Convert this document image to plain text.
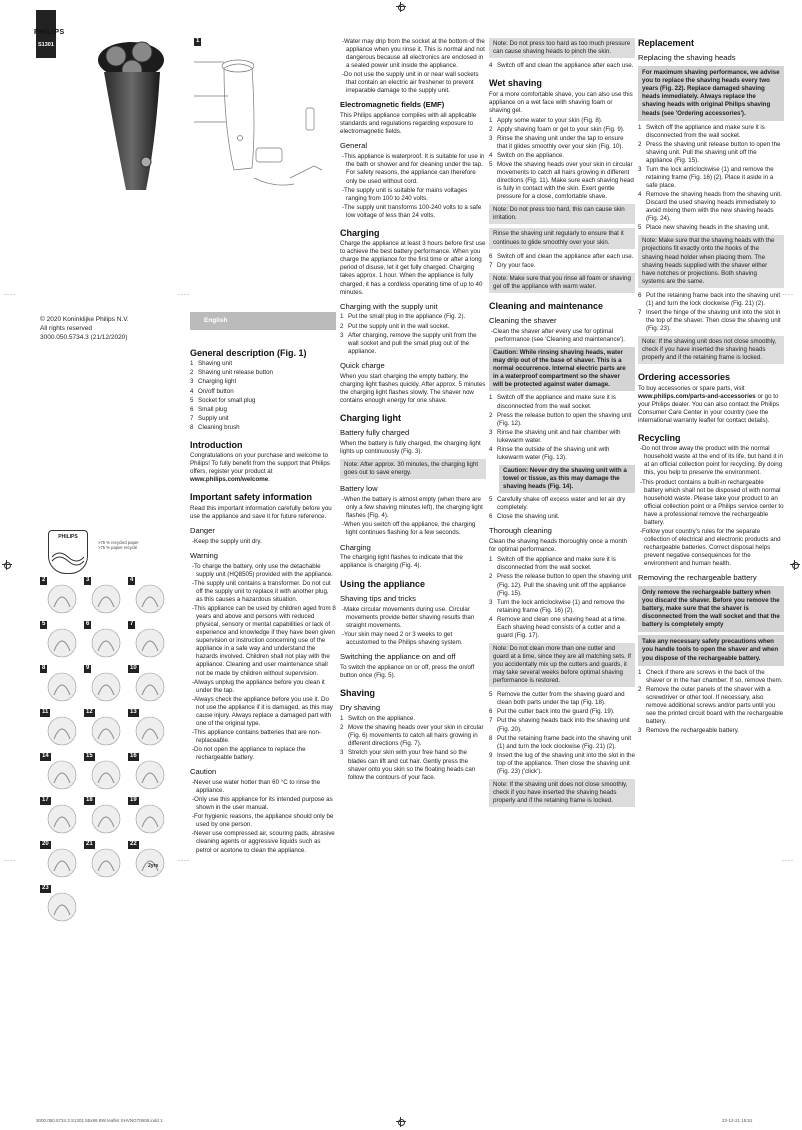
----	----
----	----
----
----
PHILIPS
S1301
1
© 2020 Koninklijke Philips N.V.
All rights reserved
3000.050.5734.3 (21/12/2020)
English
PHILIPS
>75 % recycled paper
>75 % papier recyclé
2	3	4
5	6	7
8	9	10
11	12	13
14	15	16
17	18	19
20	21	22
2yrs
23
General description (Fig. 1)
1 Shaving unit
2 Shaving unit release button
3 Charging light
4 On/off button
5 Socket for small plug
6 Small plug
7 Supply unit
8 Cleaning brush
Introduction

Congratulations on your purchase and welcome to Philips! To fully benefit from the support that Philips offers, register your product at www.philips.com/welcome.

Important safety information

Read this important information carefully before you use the appliance and save it for future reference.

Danger
-Keep the supply unit dry.
Warning
-To charge the battery, only use the detachable supply unit (HQ8505) provided with the appliance.
-The supply unit contains a transformer. Do not cut off the supply unit to replace it with another plug, as this causes a hazardous situation.
-This appliance can be used by children aged from 8 years and above and persons with reduced physical, sensory or mental capabilities or lack of experience and knowledge if they have been given supervision or instruction concerning use of the appliance in a safe way and understand the hazards involved. Children shall not play with the appliance. Cleaning and user maintenance shall not be made by children without supervision.
-Always unplug the appliance before you clean it under the tap.
-Always check the appliance before you use it. Do not use the appliance if it is damaged, as this may cause injury. Always replace a damaged part with one of the original type.
-This appliance contains batteries that are non-replaceable.
-Do not open the appliance to replace the rechargeable battery.
Caution
-Never use water hotter than 60 °C to rinse the appliance.
-Only use this appliance for its intended purpose as shown in the user manual.
-For hygienic reasons, the appliance should only be used by one person.
-Never use compressed air, scouring pads, abrasive cleaning agents or aggressive liquids such as petrol or acetone to clean the appliance.
-Water may drip from the socket at the bottom of the appliance when you rinse it. This is normal and not dangerous because all electronics are enclosed in a sealed power unit inside the appliance.
-Do not use the supply unit in or near wall sockets that contain an electric air freshener to prevent irreparable damage to the supply unit.
Electromagnetic fields (EMF)

This Philips appliance complies with all applicable standards and regulations regarding exposure to electromagnetic fields.

General
-This appliance is waterproof. It is suitable for use in the bath or shower and for cleaning under the tap. For safety reasons, the appliance can therefore only be used without cord.
-The supply unit is suitable for mains voltages ranging from 100 to 240 volts.
-The supply unit transforms 100-240 volts to a safe low voltage of less than 24 volts.
Charging

Charge the appliance at least 3 hours before first use to achieve the best battery performance. When you charge the appliance for the first time or after a long period of disuse, let it get fully charged. Charging takes approx. 1 hour. When the appliance is fully charged, it has a cordless operating time of up to 40 minutes.

Charging with the supply unit
1 Put the small plug in the appliance (Fig. 2).
2 Put the supply unit in the wall socket.
3 After charging, remove the supply unit from the wall socket and pull the small plug out of the appliance.
Quick charge

When you start charging the empty battery, the charging light flashes quickly. After approx. 5 minutes the charging light flashes slowly. The shaver now contains enough energy for one shave.

Charging light
Battery fully charged

When the battery is fully charged, the charging light lights up continuously (Fig. 3).

Note: After approx. 30 minutes, the charging light goes out to save energy.
Battery low
-When the battery is almost empty (when there are only a few shaving minutes left), the charging light flashes (Fig. 4).
-When you switch off the appliance, the charging light continues flashing for a few seconds.
Charging

The charging light flashes to indicate that the appliance is charging (Fig. 4).

Using the appliance
Shaving tips and tricks
-Make circular movements during use. Circular movements provide better shaving results than straight movements.
-Your skin may need 2 or 3 weeks to get accustomed to the Philips shaving system.
Switching the appliance on and off

To switch the appliance on or off, press the on/off button once (Fig. 5).

Shaving
Dry shaving
1 Switch on the appliance.
2 Move the shaving heads over your skin in circular (Fig. 6) movements to catch all hairs growing in different directions (Fig. 7).
3 Stretch your skin with your free hand so the blades can lift and cut hair. Gently press the shaver onto you skin so the floating heads can follow the contours of your face.
Note: Do not press too hard as too much pressure can cause shaving heads to pinch the skin.
4 Switch off and clean the appliance after each use.
Wet shaving

For a more comfortable shave, you can also use this appliance on a wet face with shaving foam or shaving gel.

1 Apply some water to your skin (Fig. 8).
2 Apply shaving foam or gel to your skin (Fig. 9).
3 Rinse the shaving unit under the tap to ensure that it glides smoothly over your skin (Fig. 10).
4 Switch on the appliance.
5 Move the shaving heads over your skin in circular movements to catch all hairs growing in different directions (Fig. 11). Make sure each shaving head is fully in contact with the skin. Exert gentle pressure for a close, comfortable shave.
Note: Do not press too hard, this can cause skin irritation.
Rinse the shaving unit regularly to ensure that it continues to glide smoothly over your skin.
6 Switch off and clean the appliance after each use.
7 Dry your face.
Note: Make sure that you rinse all foam or shaving gel off the appliance with warm water.
Cleaning and maintenance
Cleaning the shaver
-Clean the shaver after every use for optimal performance (see 'Cleaning and maintenance').
Caution: While rinsing shaving heads, water may drip out of the base of shaver. This is a normal occurrence. Internal electric parts are in a waterproof compartment so the shaver will be protected against water damage.
1 Switch off the appliance and make sure it is disconnected from the wall socket.
2 Press the release button to open the shaving unit (Fig. 12).
3 Rinse the shaving unit and hair chamber with lukewarm water.
4 Rinse the outside of the shaving unit with lukewarm water (Fig. 13).
Caution: Never dry the shaving unit with a towel or tissue, as this may damage the shaving heads (Fig. 14).
5 Carefully shake off excess water and let air dry completely.
6 Close the shaving unit.
Thorough cleaning

Clean the shaving heads thoroughly once a month for optimal performance.

1 Switch off the appliance and make sure it is disconnected from the wall socket.
2 Press the release button to open the shaving unit (Fig. 12). Pull the shaving unit off the appliance (Fig. 15).
3 Turn the lock anticlockwise (1) and remove the retaining frame (Fig. 16) (2).
4 Remove and clean one shaving head at a time. Each shaving head consists of a cutter and a guard (Fig. 17).
Note: Do not clean more than one cutter and guard at a time, since they are all matching sets. If you accidentally mix up the cutters and guards, it may take several weeks before optimal shaving performance is restored.
5 Remove the cutter from the shaving guard and clean both parts under the tap (Fig. 18).
6 Put the cutter back into the guard (Fig. 19).
7 Put the shaving heads back into the shaving unit (Fig. 20).
8 Put the retaining frame back into the shaving unit (1) and turn the lock clockwise (Fig. 21) (2).
9 Insert the lug of the shaving unit into the slot in the top of the appliance. Then close the shaving unit (Fig. 23) ('click').
Note: If the shaving unit does not close smoothly, check if you have inserted the shaving heads properly and if the retaining frame is locked.
Replacement
Replacing the shaving heads
For maximum shaving performance, we advise you to replace the shaving heads every two years (Fig. 22). Replace damaged shaving heads immediately. Always replace the shaving heads with original Philips shaving heads (see 'Ordering accessories').
1 Switch off the appliance and make sure it is disconnected from the wall socket.
2 Press the shaving unit release button to open the shaving unit. Pull the shaving unit off the appliance (Fig. 15).
3 Turn the lock anticlockwise (1) and remove the retaining frame (Fig. 16) (2). Place it aside in a safe place.
4 Remove the shaving heads from the shaving unit. Discard the used shaving heads immediately to avoid mixing them with the new shaving heads (Fig. 24).
5 Place new shaving heads in the shaving unit.
Note: Make sure that the shaving heads with the projections fit exactly onto the hooks of the shaving head holder when placing them. The shaving heads supplied with the shaver either have notches or projections. Both shaving systems are the same.
6 Put the retaining frame back into the shaving unit (1) and turn the lock clockwise (Fig. 21) (2).
7 Insert the hinge of the shaving unit into the slot in the top of the shaver. Then close the shaving unit (Fig. 23).
Note: If the shaving unit does not close smoothly, check if you have inserted the shaving heads properly and if the retaining frame is locked.
Ordering accessories

To buy accessories or spare parts, visit www.philips.com/parts-and-accessories or go to your Philips dealer. You can also contact the Philips Consumer Care Center in your country (see the international warranty leaflet for contact details).

Recycling
-Do not throw away the product with the normal household waste at the end of its life, but hand it in at an official collection point for recycling. By doing this, you help to preserve the environment.
-This product contains a built-in rechargeable battery which shall not be disposed of with normal household waste. Please take your product to an official collection point or a Philips service center to have a professional remove the rechargeable battery.
-Follow your country's rules for the separate collection of electrical and electronic products and rechargeable batteries. Correct disposal helps prevent negative consequences for the environment and human health.
Removing the rechargeable battery
Only remove the rechargeable battery when you discard the shaver. Before you remove the battery, make sure that the shaver is disconnected from the wall socket and that the battery is completely empty
Take any necessary safety precautions when you handle tools to open the shaver and when you dispose of the rechargeable battery.
1 Check if there are screws in the back of the shaver or in the hair chamber. If so, remove them.
2 Remove the outer panels of the shaver with a screwdriver or other tool. If necessary, also remove additional screws and/or parts until you see the printed circuit board with the rechargeable battery.
3 Remove the rechargeable battery.
3000.050.5734.3 S1301 55x99 BW leaflet SHVNG70608.indd 1	22-12-21 15:51
